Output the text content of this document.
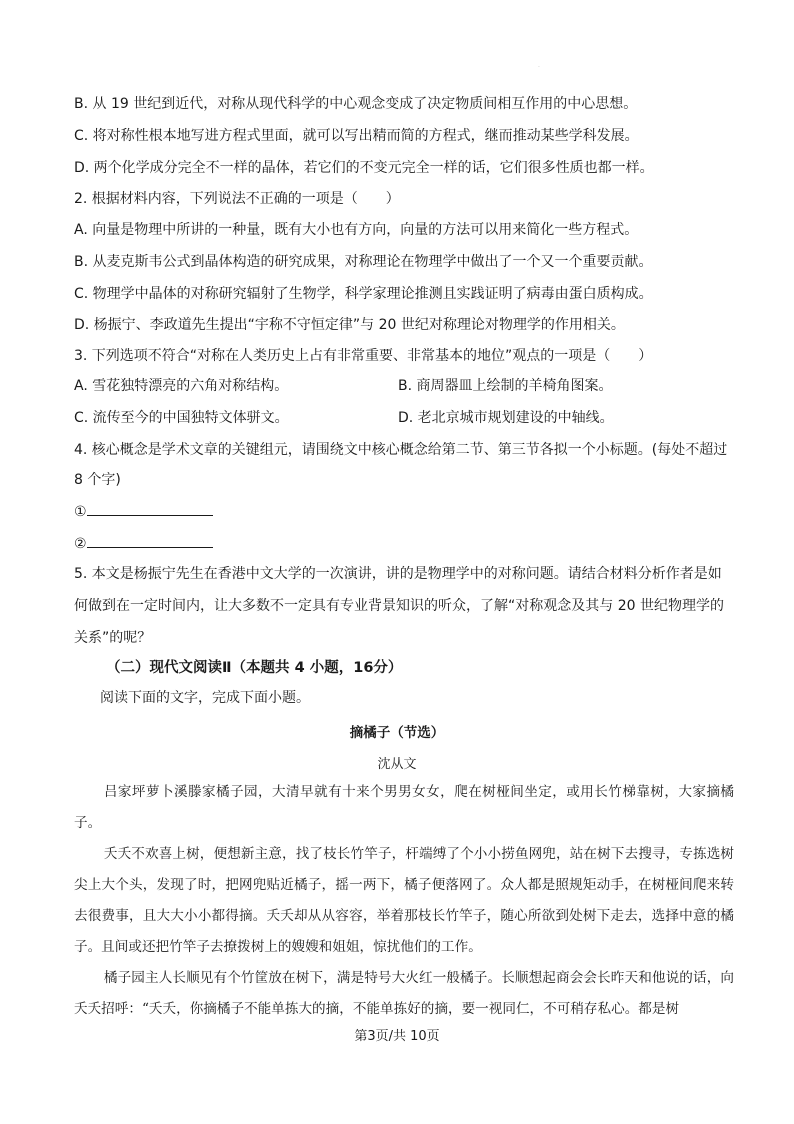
.
B. 从 19 世纪到近代，对称从现代科学的中心观念变成了决定物质间相互作用的中心思想。
C. 将对称性根本地写进方程式里面，就可以写出精而简的方程式，继而推动某些学科发展。
D. 两个化学成分完全不一样的晶体，若它们的不变元完全一样的话，它们很多性质也都一样。
2. 根据材料内容，下列说法不正确的一项是（　　）
A. 向量是物理中所讲的一种量，既有大小也有方向，向量的方法可以用来简化一些方程式。
B. 从麦克斯韦公式到晶体构造的研究成果，对称理论在物理学中做出了一个又一个重要贡献。
C. 物理学中晶体的对称研究辐射了生物学，科学家理论推测且实践证明了病毒由蛋白质构成。
D. 杨振宁、李政道先生提出“宇称不守恒定律”与 20 世纪对称理论对物理学的作用相关。
3. 下列选项不符合“对称在人类历史上占有非常重要、非常基本的地位”观点的一项是（　　）
A. 雪花独特漂亮的六角对称结构。	B. 商周器皿上绘制的羊椅角图案。
C. 流传至今的中国独特文体骈文。	D. 老北京城市规划建设的中轴线。
4. 核心概念是学术文章的关键组元，请围绕文中核心概念给第二节、第三节各拟一个小标题。(每处不超过
8 个字)
①
②
5. 本文是杨振宁先生在香港中文大学的一次演讲，讲的是物理学中的对称问题。请结合材料分析作者是如
何做到在一定时间内，让大多数不一定具有专业背景知识的听众，了解“对称观念及其与 20 世纪物理学的
关系”的呢？
（二）现代文阅读Ⅱ（本题共 4 小题，16分）
阅读下面的文字，完成下面小题。
摘橘子（节选）
沈从文
吕家坪萝卜溪滕家橘子园，大清早就有十来个男男女女，爬在树桠间坐定，或用长竹梯靠树，大家摘橘子。
夭夭不欢喜上树，便想新主意，找了枝长竹竿子，杆端缚了个小小捞鱼网兜，站在树下去搜寻，专拣选树尖上大个头，发现了时，把网兜贴近橘子，摇一两下，橘子便落网了。众人都是照规矩动手，在树桠间爬来转去很费事，且大大小小都得摘。夭夭却从从容容，举着那枝长竹竿子，随心所欲到处树下走去，选择中意的橘子。且间或还把竹竿子去撩拨树上的嫂嫂和姐姐，惊扰他们的工作。
橘子园主人长顺见有个竹筐放在树下，满是特号大火红一般橘子。长顺想起商会会长昨天和他说的话，向夭夭招呼：“夭夭，你摘橘子不能单拣大的摘，不能单拣好的摘，要一视同仁，不可稍存私心。都是树
第3页/共 10页
